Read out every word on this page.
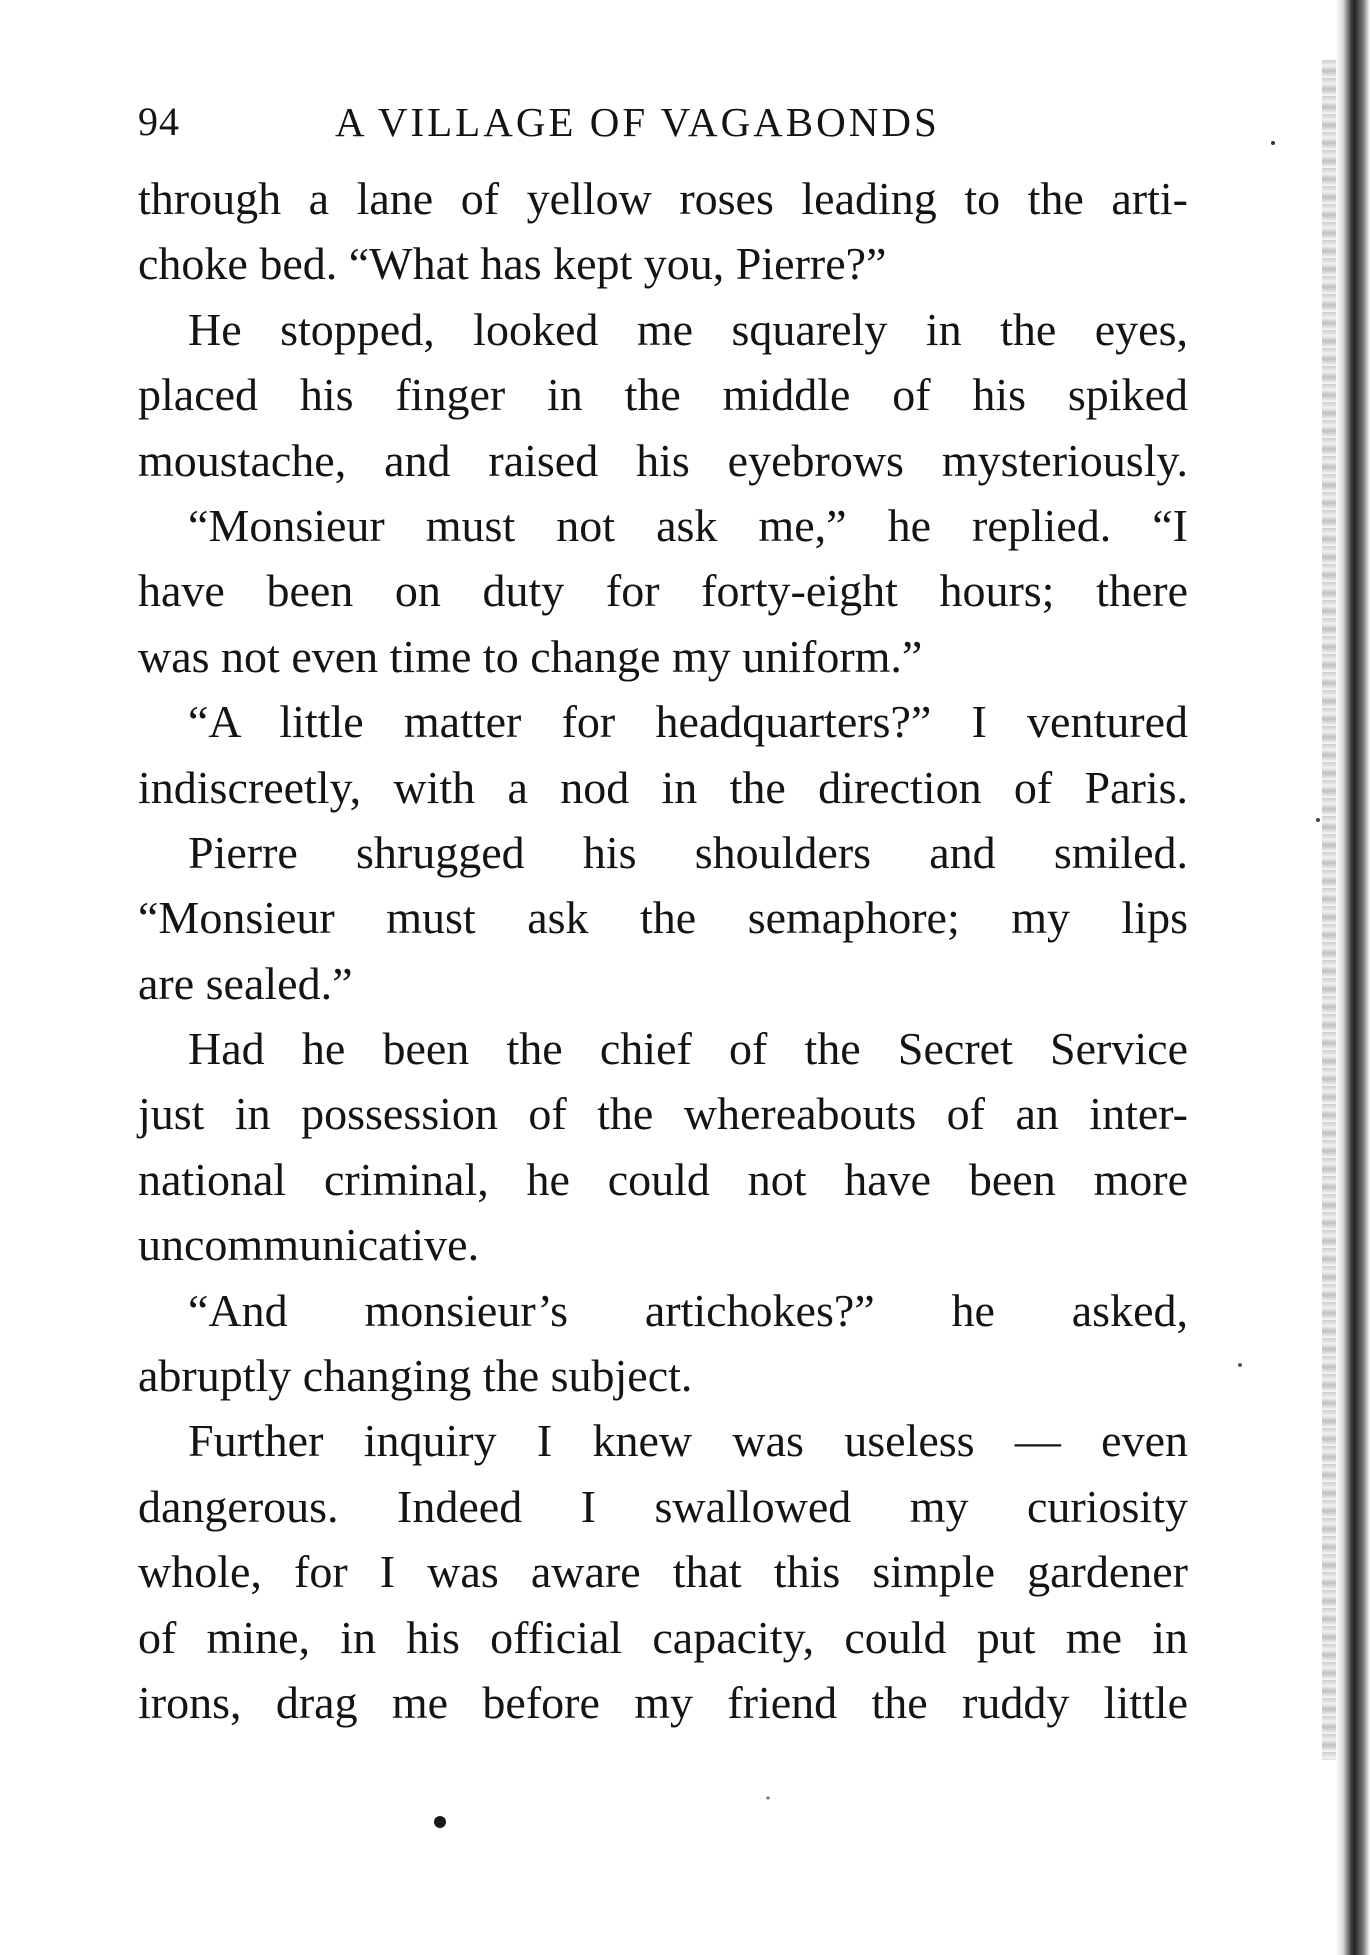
94	A VILLAGE OF VAGABONDS
through a lane of yellow roses leading to the arti-
choke bed. “What has kept you, Pierre?”
He stopped, looked me squarely in the eyes,
placed his finger in the middle of his spiked
moustache, and raised his eyebrows mysteriously.
“Monsieur must not ask me,” he replied. “I
have been on duty for forty-eight hours; there
was not even time to change my uniform.”
“A little matter for headquarters?” I ventured
indiscreetly, with a nod in the direction of Paris.
Pierre shrugged his shoulders and smiled.
“Monsieur must ask the semaphore; my lips
are sealed.”
Had he been the chief of the Secret Service
just in possession of the whereabouts of an inter-
national criminal, he could not have been more
uncommunicative.
“And monsieur’s artichokes?” he asked,
abruptly changing the subject.
Further inquiry I knew was useless — even
dangerous. Indeed I swallowed my curiosity
whole, for I was aware that this simple gardener
of mine, in his official capacity, could put me in
irons, drag me before my friend the ruddy little
